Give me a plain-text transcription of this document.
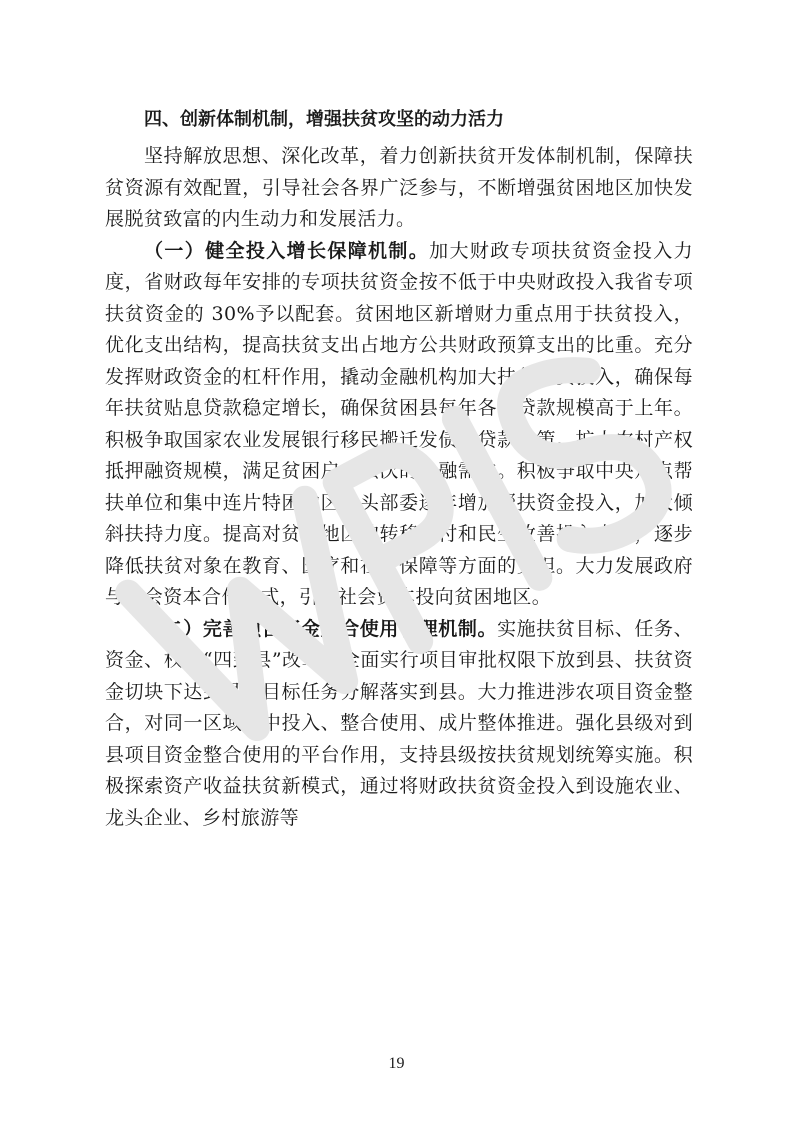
四、创新体制机制，增强扶贫攻坚的动力活力

坚持解放思想、深化改革，着力创新扶贫开发体制机制，保障扶贫资源有效配置，引导社会各界广泛参与，不断增强贫困地区加快发展脱贫致富的内生动力和发展活力。

（一）健全投入增长保障机制。加大财政专项扶贫资金投入力度，省财政每年安排的专项扶贫资金按不低于中央财政投入我省专项扶贫资金的 30%予以配套。贫困地区新增财力重点用于扶贫投入，优化支出结构，提高扶贫支出占地方公共财政预算支出的比重。充分发挥财政资金的杠杆作用，撬动金融机构加大扶贫信贷投入，确保每年扶贫贴息贷款稳定增长，确保贫困县每年各项贷款规模高于上年。积极争取国家农业发展银行移民搬迁发债和贷款政策。扩大农村产权抵押融资规模，满足贫困户多层次的金融需求。积极争取中央定点帮扶单位和集中连片特困地区牵头部委逐年增加帮扶资金投入，加大倾斜扶持力度。提高对贫困地区的转移支付和民生改善投入水平，逐步降低扶贫对象在教育、医疗和社会保障等方面的负担。大力发展政府与社会资本合作模式，引导社会资本投向贫困地区。

（二）完善项目资金整合使用管理机制。实施扶贫目标、任务、资金、权责“四到县”改革，全面实行项目审批权限下放到县、扶贫资金切块下达到县、目标任务分解落实到县。大力推进涉农项目资金整合，对同一区域集中投入、整合使用、成片整体推进。强化县级对到县项目资金整合使用的平台作用，支持县级按扶贫规划统筹实施。积极探索资产收益扶贫新模式，通过将财政扶贫资金投入到设施农业、龙头企业、乡村旅游等

19
